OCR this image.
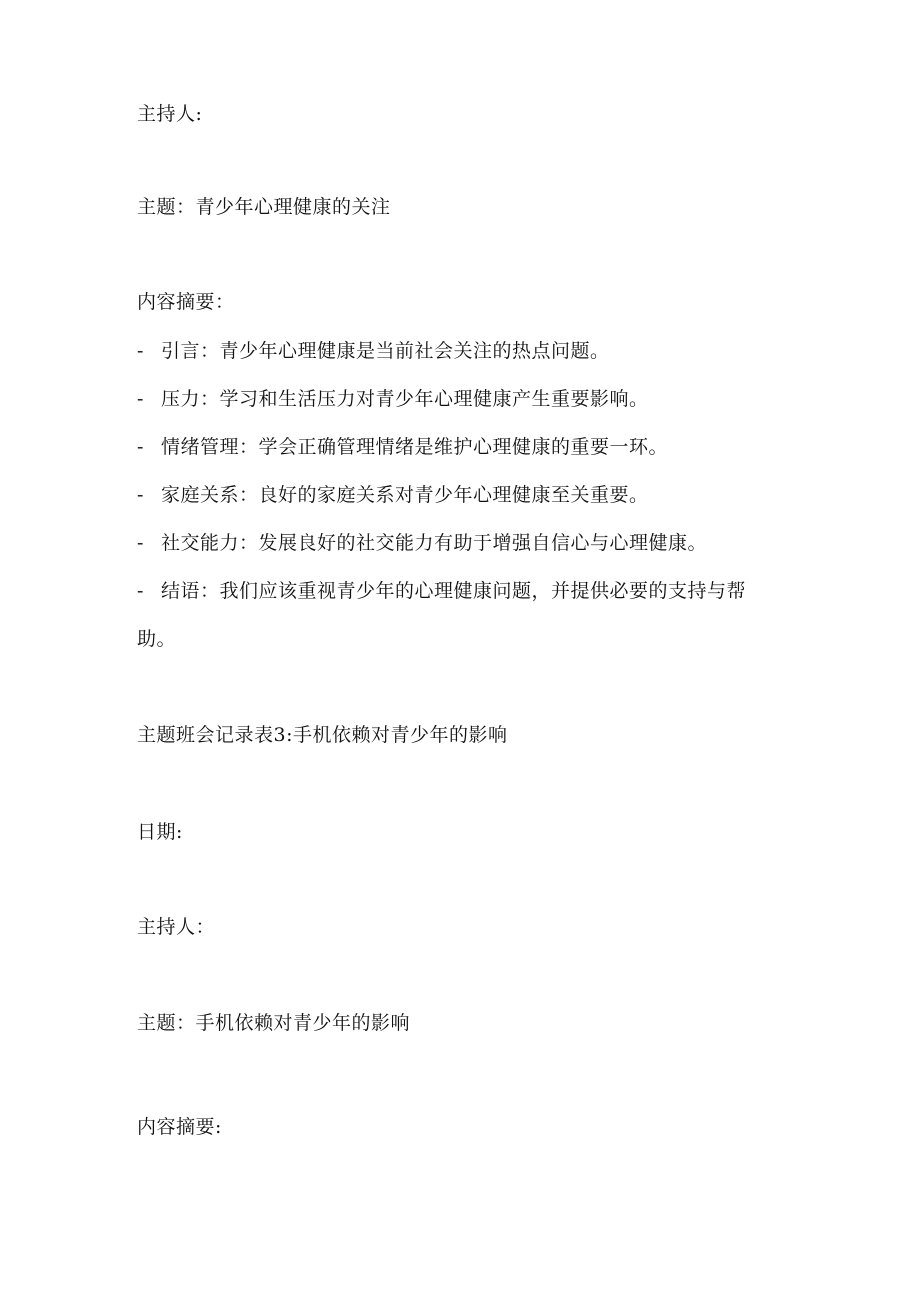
主持人:
主题：青少年心理健康的关注
内容摘要：
- 引言：青少年心理健康是当前社会关注的热点问题。
- 压力：学习和生活压力对青少年心理健康产生重要影响。
- 情绪管理：学会正确管理情绪是维护心理健康的重要一环。
- 家庭关系：良好的家庭关系对青少年心理健康至关重要。
- 社交能力：发展良好的社交能力有助于增强自信心与心理健康。
- 结语：我们应该重视青少年的心理健康问题，并提供必要的支持与帮
助。
主题班会记录表3:手机依赖对青少年的影响
日期:
主持人：
主题：手机依赖对青少年的影响
内容摘要:
